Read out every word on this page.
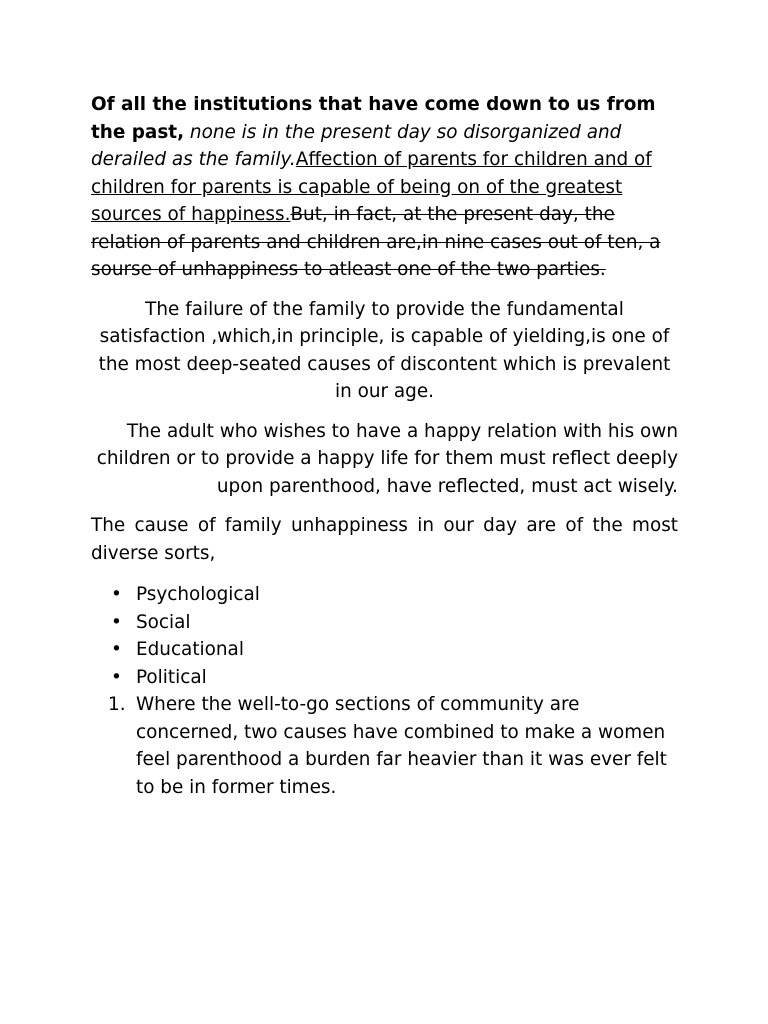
Of all the institutions that have come down to us from the past, none is in the present day so disorganized and derailed as the family.Affection of parents for children and of children for parents is capable of being on of the greatest sources of happiness.But, in fact, at the present day, the relation of parents and children are,in nine cases out of ten, a sourse of unhappiness to atleast one of the two parties.

The failure of the family to provide the fundamental satisfaction ,which,in principle, is capable of yielding,is one of the most deep-seated causes of discontent which is prevalent in our age.

The adult who wishes to have a happy relation with his own children or to provide a happy life for them must reflect deeply upon parenthood, have reflected, must act wisely.

The cause of family unhappiness in our day are of the most diverse sorts,

• Psychological
• Social
• Educational
• Political
1. Where the well-to-go sections of community are concerned, two causes have combined to make a women feel parenthood a burden far heavier than it was ever felt to be in former times.
